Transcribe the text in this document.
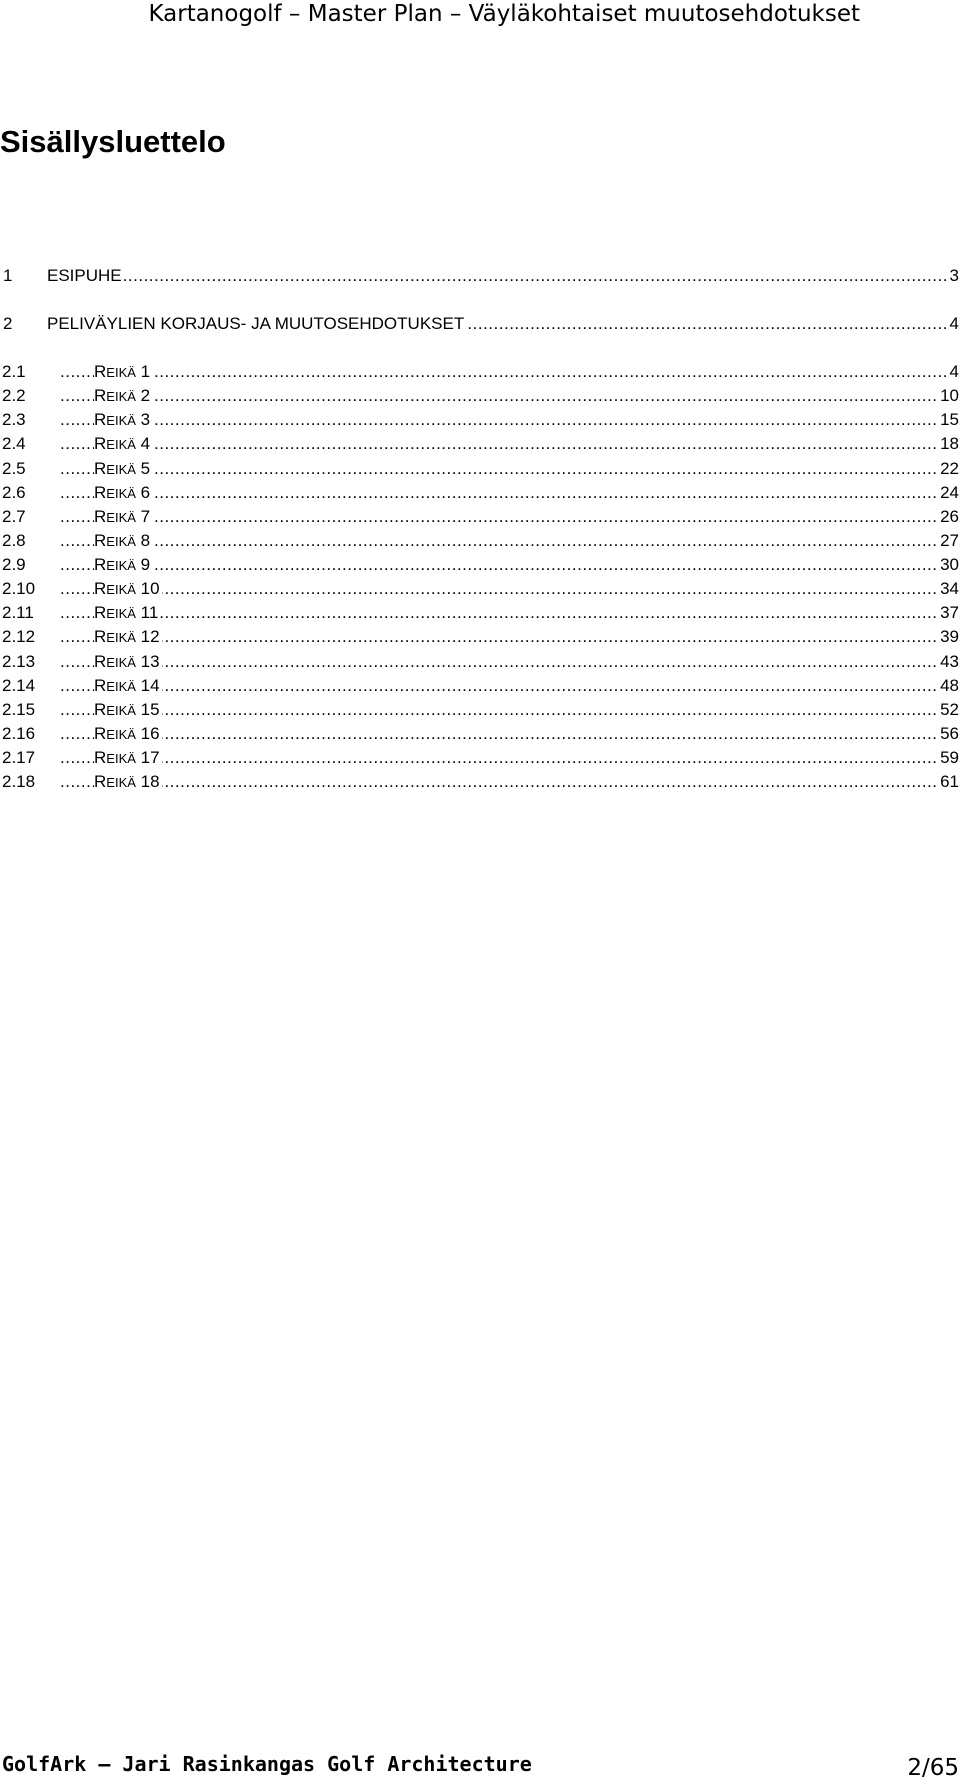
Kartanogolf – Master Plan – Väyläkohtaiset muutosehdotukset
Sisällysluettelo
1 ..... ESIPUHE	3
2 ..... PELIVÄYLIEN KORJAUS- JA MUUTOSEHDOTUKSET	4
2.1 .....	REIKÄ 1	4
2.2 .....	REIKÄ 2	10
2.3 .....	REIKÄ 3	15
2.4 .....	REIKÄ 4	18
2.5 .....	REIKÄ 5	22
2.6 .....	REIKÄ 6	24
2.7 .....	REIKÄ 7	26
2.8 .....	REIKÄ 8	27
2.9 .....	REIKÄ 9	30
2.10 .....	REIKÄ 10	34
2.11 .....	REIKÄ 11	37
2.12 .....	REIKÄ 12	39
2.13 .....	REIKÄ 13	43
2.14 .....	REIKÄ 14	48
2.15 .....	REIKÄ 15	52
2.16 .....	REIKÄ 16	56
2.17 .....	REIKÄ 17	59
2.18 .....	REIKÄ 18	61
GolfArk – Jari Rasinkangas Golf Architecture	2/65
